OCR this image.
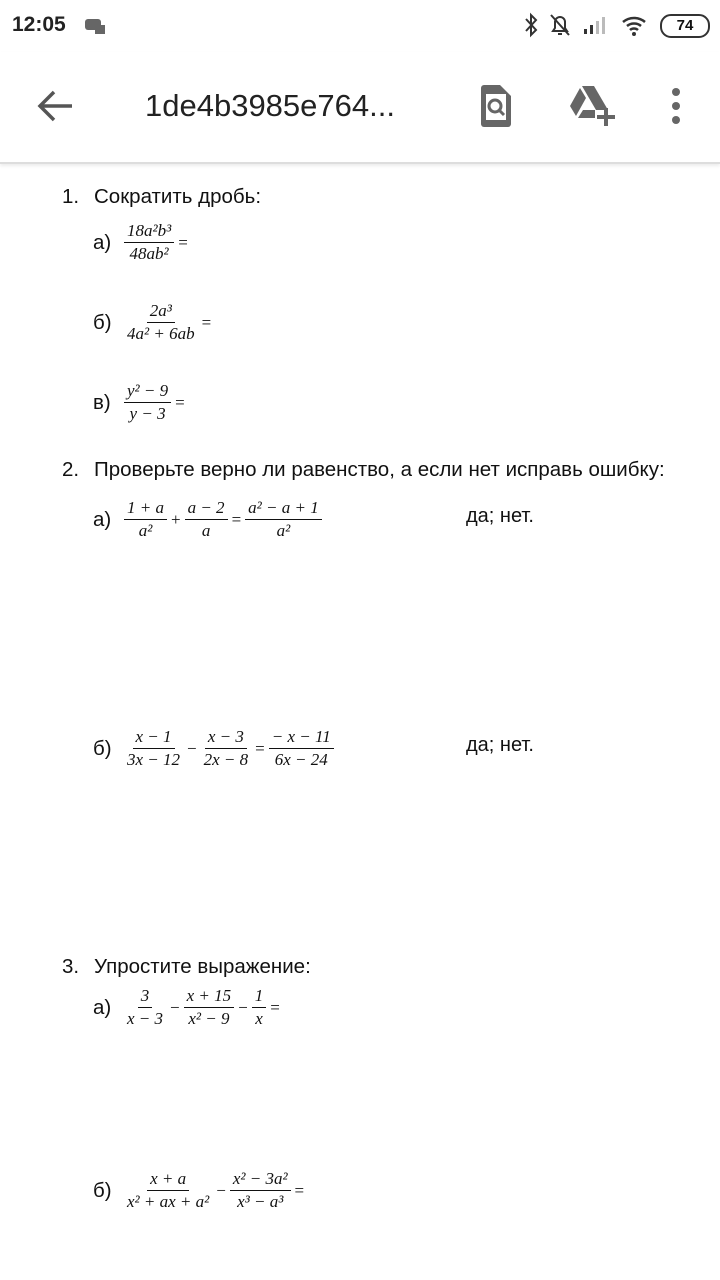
12:05	74
1de4b3985e764...
1. Сократить дробь:
$а) \frac{\text{18a²b³}}{\text{48ab²}}$ =
$б) \frac{\text{2a³}}{\text{4a² + 6ab}}$ =
$в) \frac{\text{y² − 9}}{y - 3}$ =
2. Проверьте верно ли равенство, а если нет исправь ошибку:
$а) \frac{1 + a}{\text{a²}} + \frac{a - 2}{a} = \frac{\text{a² − a + 1}}{\text{a²}}$	да; нет.
$б) \frac{x - 1}{3x - 12} - \frac{x - 3}{2x - 8} = \frac{- x - 11}{6x - 24}$	да; нет.
3. Упростите выражение:
$а) \frac{3}{x - 3} - \frac{x + 15}{\text{x² − 9}} - \frac{1}{x}$ =
$б) \frac{x + a}{\text{x² + ax + a²}} - \frac{\text{x² − 3a²}}{\text{x³ − a³}}$ =
